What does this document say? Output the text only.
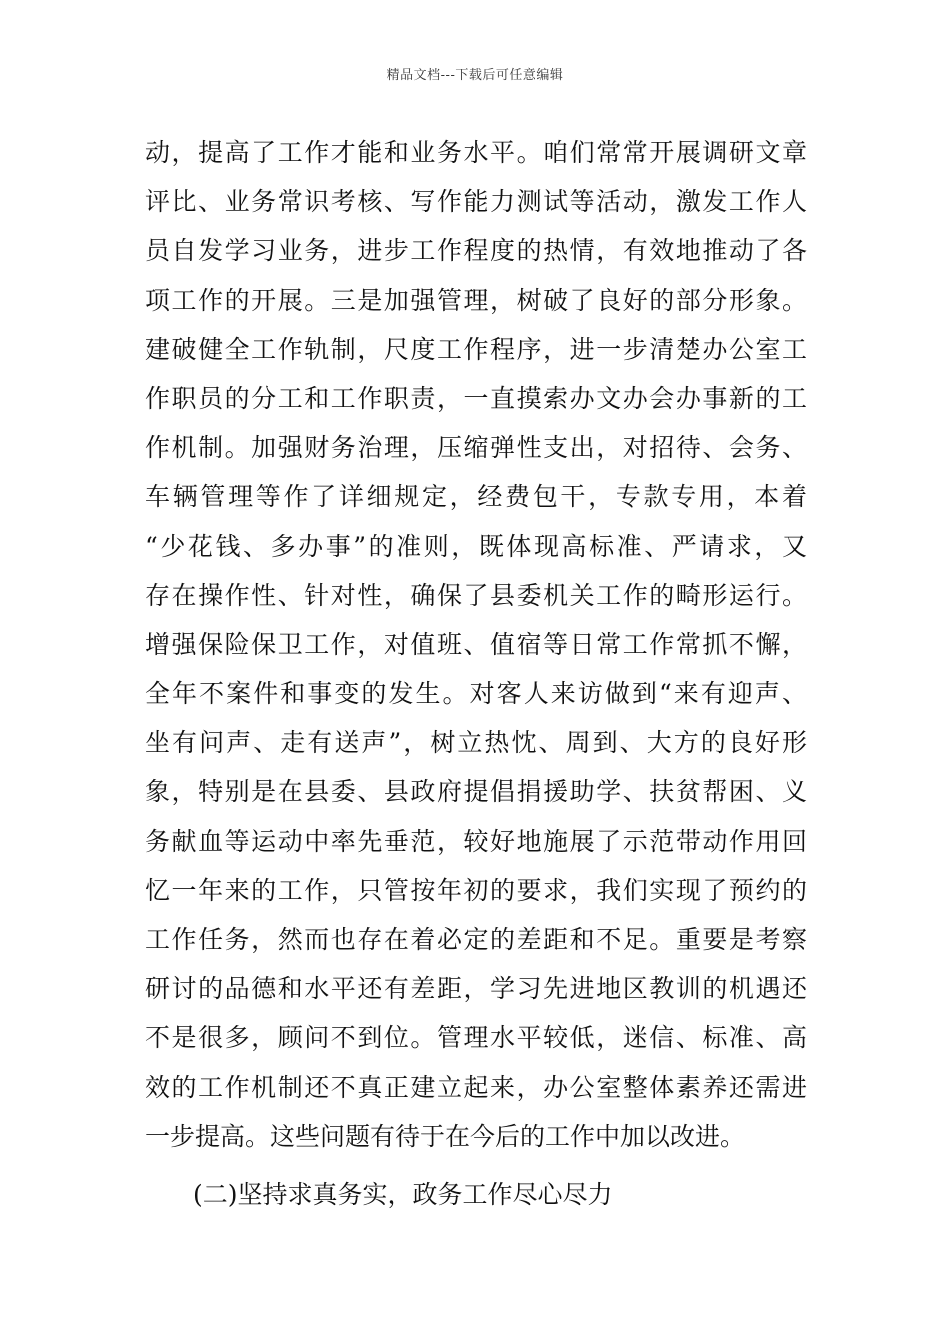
精品文档---下载后可任意编辑
动，提高了工作才能和业务水平。咱们常常开展调研文章
评比、业务常识考核、写作能力测试等活动，激发工作人
员自发学习业务，进步工作程度的热情，有效地推动了各
项工作的开展。三是加强管理，树破了良好的部分形象。
建破健全工作轨制，尺度工作程序，进一步清楚办公室工
作职员的分工和工作职责，一直摸索办文办会办事新的工
作机制。加强财务治理，压缩弹性支出，对招待、会务、
车辆管理等作了详细规定，经费包干，专款专用，本着
“少花钱、多办事”的准则，既体现高标准、严请求，又
存在操作性、针对性，确保了县委机关工作的畸形运行。
增强保险保卫工作，对值班、值宿等日常工作常抓不懈，
全年不案件和事变的发生。对客人来访做到“来有迎声、
坐有问声、走有送声”，树立热忱、周到、大方的良好形
象，特别是在县委、县政府提倡捐援助学、扶贫帮困、义
务献血等运动中率先垂范，较好地施展了示范带动作用回
忆一年来的工作，只管按年初的要求，我们实现了预约的
工作任务，然而也存在着必定的差距和不足。重要是考察
研讨的品德和水平还有差距，学习先进地区教训的机遇还
不是很多，顾问不到位。管理水平较低，迷信、标准、高
效的工作机制还不真正建立起来，办公室整体素养还需进
一步提高。这些问题有待于在今后的工作中加以改进。
(二)坚持求真务实，政务工作尽心尽力
